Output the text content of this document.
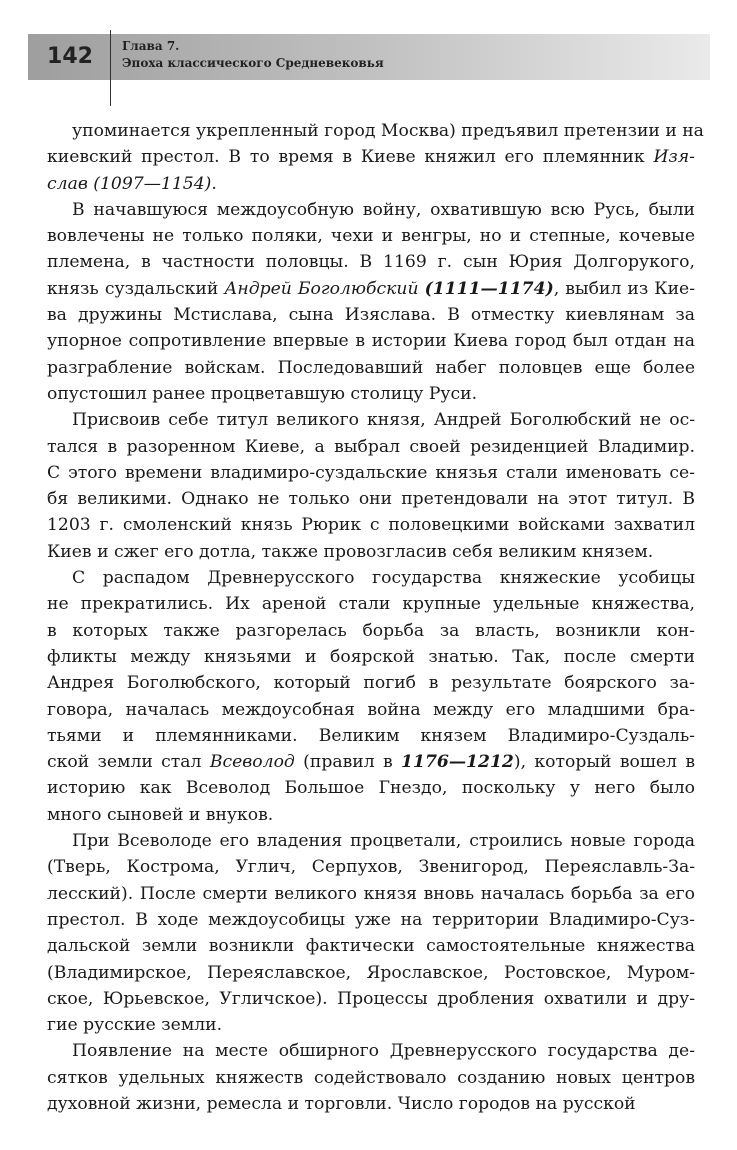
142	Глава 7.
Эпоха классического Средневековья

упоминается укрепленный город Москва) предъявил претензии и на
киевский престол. В то время в Киеве княжил его племянник Изя-
слав (1097—1154).

В начавшуюся междоусобную войну, охватившую всю Русь, были
вовлечены не только поляки, чехи и венгры, но и степные, кочевые
племена, в частности половцы. В 1169 г. сын Юрия Долгорукого,
князь суздальский Андрей Боголюбский (1111—1174), выбил из Кие-
ва дружины Мстислава, сына Изяслава. В отместку киевлянам за
упорное сопротивление впервые в истории Киева город был отдан на
разграбление войскам. Последовавший набег половцев еще более
опустошил ранее процветавшую столицу Руси.

Присвоив себе титул великого князя, Андрей Боголюбский не ос-
тался в разоренном Киеве, а выбрал своей резиденцией Владимир.
С этого времени владимиро-суздальские князья стали именовать се-
бя великими. Однако не только они претендовали на этот титул. В
1203 г. смоленский князь Рюрик с половецкими войсками захватил
Киев и сжег его дотла, также провозгласив себя великим князем.

С распадом Древнерусского государства княжеские усобицы
не прекратились. Их ареной стали крупные удельные княжества,
в которых также разгорелась борьба за власть, возникли кон-
фликты между князьями и боярской знатью. Так, после смерти
Андрея Боголюбского, который погиб в результате боярского за-
говора, началась междоусобная война между его младшими бра-
тьями и племянниками. Великим князем Владимиро-Суздаль-
ской земли стал Всеволод (правил в 1176—1212), который вошел в
историю как Всеволод Большое Гнездо, поскольку у него было
много сыновей и внуков.

При Всеволоде его владения процветали, строились новые города
(Тверь, Кострома, Углич, Серпухов, Звенигород, Переяславль-За-
лесский). После смерти великого князя вновь началась борьба за его
престол. В ходе междоусобицы уже на территории Владимиро-Суз-
дальской земли возникли фактически самостоятельные княжества
(Владимирское, Переяславское, Ярославское, Ростовское, Муром-
ское, Юрьевское, Угличское). Процессы дробления охватили и дру-
гие русские земли.

Появление на месте обширного Древнерусского государства де-
сятков удельных княжеств содействовало созданию новых центров
духовной жизни, ремесла и торговли. Число городов на русской
